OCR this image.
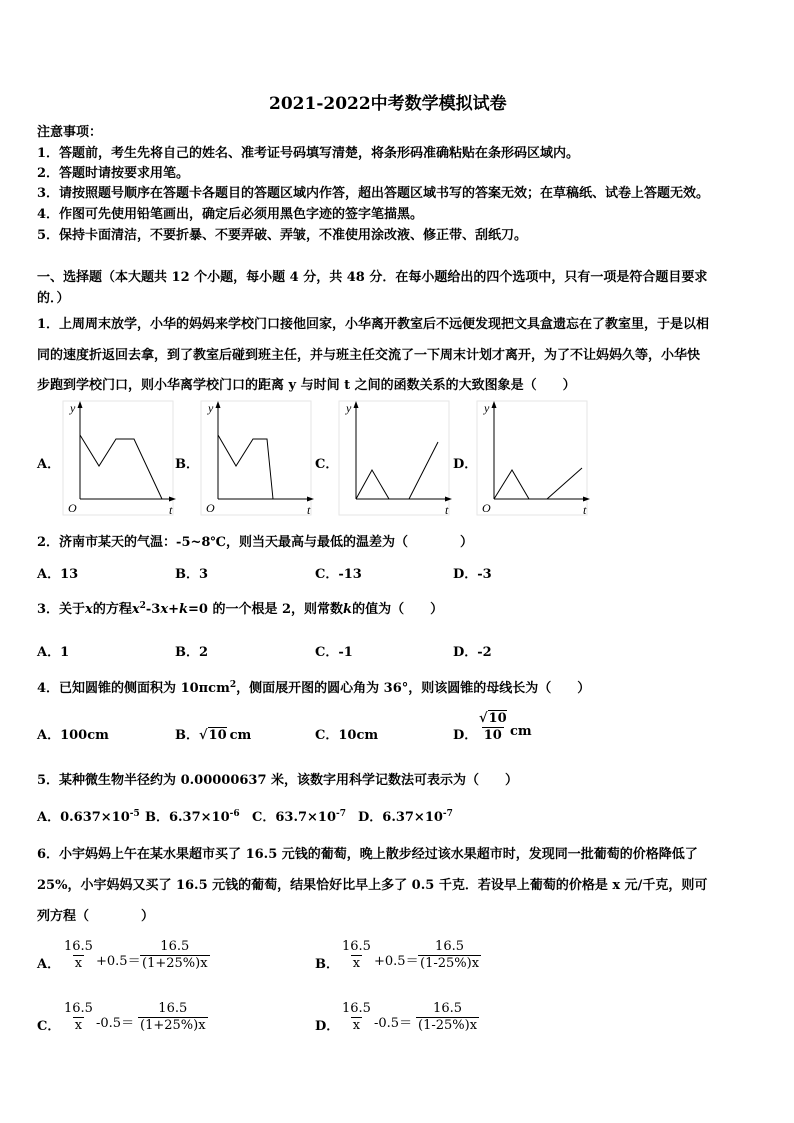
2021-2022中考数学模拟试卷
注意事项：
1．答题前，考生先将自己的姓名、准考证号码填写清楚，将条形码准确粘贴在条形码区域内。
2．答题时请按要求用笔。
3．请按照题号顺序在答题卡各题目的答题区域内作答，超出答题区域书写的答案无效；在草稿纸、试卷上答题无效。
4．作图可先使用铅笔画出，确定后必须用黑色字迹的签字笔描黑。
5．保持卡面清洁，不要折暴、不要弄破、弄皱，不准使用涂改液、修正带、刮纸刀。
一、选择题（本大题共 12 个小题，每小题 4 分，共 48 分．在每小题给出的四个选项中，只有一项是符合题目要求
的．）
1．上周周末放学，小华的妈妈来学校门口接他回家，小华离开教室后不远便发现把文具盒遗忘在了教室里，于是以相
同的速度折返回去拿，到了教室后碰到班主任，并与班主任交流了一下周末计划才离开，为了不让妈妈久等，小华快
步跑到学校门口，则小华离学校门口的距离 y 与时间 t 之间的函数关系的大致图象是（　　）
A．	B．	C．	D．
y
O	t
y
O	t
y
t
y
O	t
2．济南市某天的气温：-5~8℃，则当天最高与最低的温差为（　　　　）
A．13	B．3	C．-13	D．-3
3．关于x的方程$x^2-3x+k=0$ 的一个根是 2，则常数k的值为（　　）
A．1	B．2	C．-1	D．-2
4．已知圆锥的侧面积为 10πcm$^2$，侧面展开图的圆心角为 36°，则该圆锥的母线长为（　　）
A．100cm	B．√10 cm	C．10cm	D． $\frac{√10}{10}$ cm
5．某种微生物半径约为 0.00000637 米，该数字用科学记数法可表示为（　　）
A．$0.637\times 10^{-5}$ B．$6.37\times 10^{-6}$ C．$63.7\times 10^{-7}$ D．$6.37\times 10^{-7}$
6．小宇妈妈上午在某水果超市买了 16.5 元钱的葡萄，晚上散步经过该水果超市时，发现同一批葡萄的价格降低了
25%，小宇妈妈又买了 16.5 元钱的葡萄，结果恰好比早上多了 0.5 千克．若设早上葡萄的价格是 x 元/千克，则可
列方程（　　　　）
A． $\frac{16.5}{x} +0.5= \frac{16.5}{(1+25\%)x}$	B． $\frac{16.5}{x} +0.5= \frac{16.5}{(1-25\%)x}$
C． $\frac{16.5}{x} -0.5= \frac{16.5}{(1+25\%)x}$	D． $\frac{16.5}{x} -0.5= \frac{16.5}{(1-25\%)x}$
